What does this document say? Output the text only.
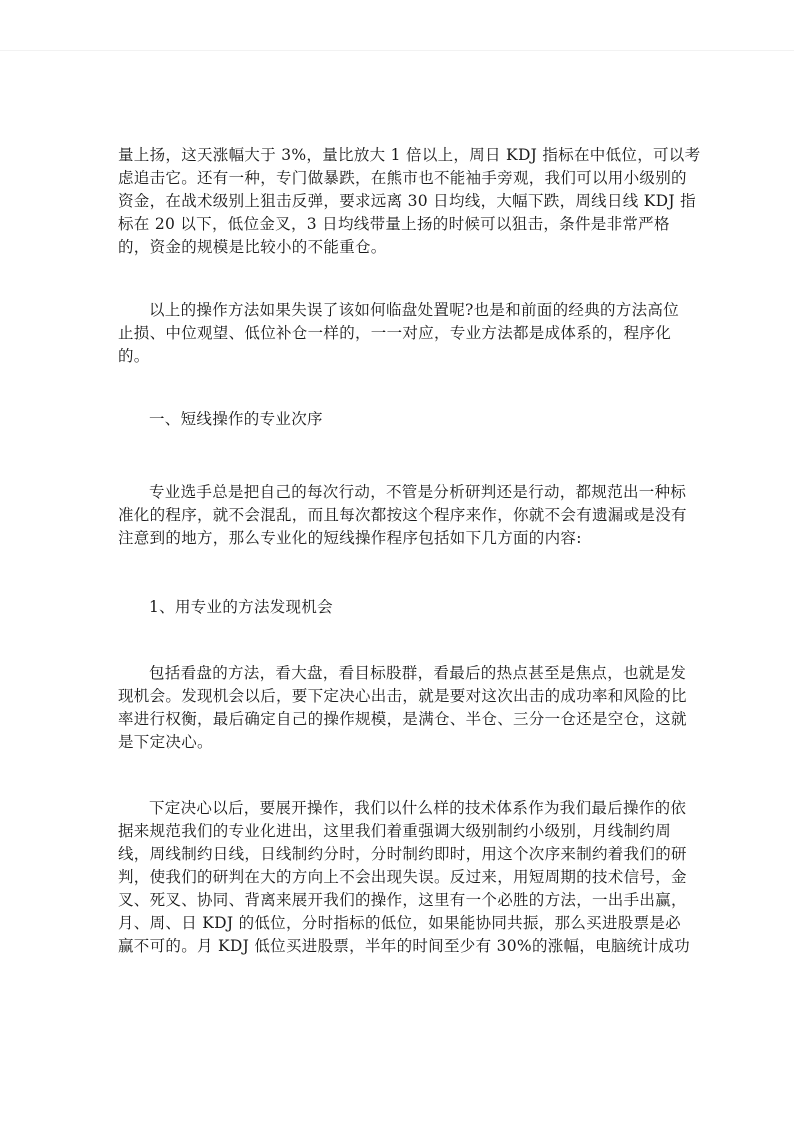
量上扬，这天涨幅大于 3%，量比放大 1 倍以上，周日 KDJ 指标在中低位，可以考
虑追击它。还有一种，专门做暴跌，在熊市也不能袖手旁观，我们可以用小级别的
资金，在战术级别上狙击反弹，要求远离 30 日均线，大幅下跌，周线日线 KDJ 指
标在 20 以下，低位金叉，3 日均线带量上扬的时候可以狙击，条件是非常严格
的，资金的规模是比较小的不能重仓。
以上的操作方法如果失误了该如何临盘处置呢?也是和前面的经典的方法高位
止损、中位观望、低位补仓一样的，一一对应，专业方法都是成体系的，程序化
的。
一、短线操作的专业次序
专业选手总是把自己的每次行动，不管是分析研判还是行动，都规范出一种标
准化的程序，就不会混乱，而且每次都按这个程序来作，你就不会有遗漏或是没有
注意到的地方，那么专业化的短线操作程序包括如下几方面的内容:
1、用专业的方法发现机会
包括看盘的方法，看大盘，看目标股群，看最后的热点甚至是焦点，也就是发
现机会。发现机会以后，要下定决心出击，就是要对这次出击的成功率和风险的比
率进行权衡，最后确定自己的操作规模，是满仓、半仓、三分一仓还是空仓，这就
是下定决心。
下定决心以后，要展开操作，我们以什么样的技术体系作为我们最后操作的依
据来规范我们的专业化进出，这里我们着重强调大级别制约小级别，月线制约周
线，周线制约日线，日线制约分时，分时制约即时，用这个次序来制约着我们的研
判，使我们的研判在大的方向上不会出现失误。反过来，用短周期的技术信号，金
叉、死叉、协同、背离来展开我们的操作，这里有一个必胜的方法，一出手出赢，
月、周、日 KDJ 的低位，分时指标的低位，如果能协同共振，那么买进股票是必
赢不可的。月 KDJ 低位买进股票，半年的时间至少有 30%的涨幅，电脑统计成功
